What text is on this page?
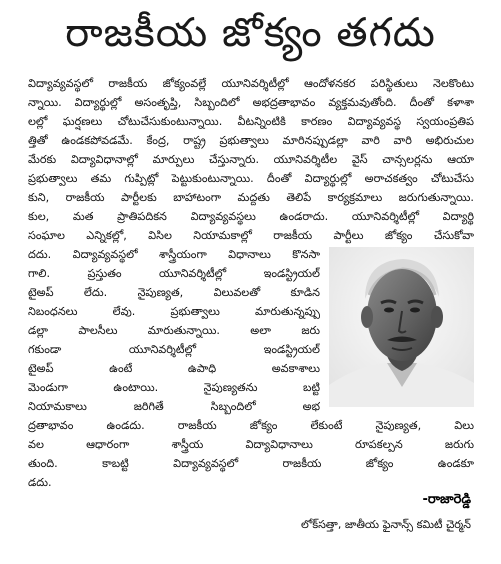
రాజకీయ జోక్యం తగదు
విద్యావ్యవస్థలో రాజకీయ జోక్యంవల్లే యూనివర్శిటీల్లో ఆందోళనకర పరిస్థితులు నెలకొంటు
న్నాయి. విద్యార్థుల్లో అసంతృప్తి, సిబ్బందిలో అభద్రతాభావం వ్యక్తమవుతోంది. దీంతో కళాశా
లల్లో ఘర్షణలు చోటుచేసుకుంటున్నాయి. వీటన్నింటికి కారణం విద్యావ్యవస్థ స్వయంప్రతిప
త్తితో ఉండకపోవడమే. కేంద్ర, రాష్ట్ర ప్రభుత్వాలు మారినప్పుడల్లా వారి వారి అభిరుచుల
మేరకు విద్యావిధానాల్లో మార్పులు చేస్తున్నారు. యూనివర్శిటీల వైస్ చాన్సలర్లను ఆయా
ప్రభుత్వాలు తమ గుప్పిట్లో పెట్టుకుంటున్నాయి. దీంతో విద్యార్థుల్లో అరాచకత్వం చోటుచేసు
కుని, రాజకీయ పార్టీలకు బాహాటంగా మద్దతు తెలిపే కార్యక్రమాలు జరుగుతున్నాయి.
కుల, మత ప్రాతిపదికన విద్యావ్యవస్థలు ఉండరాదు. యూనివర్శిటీల్లో విద్యార్థి
సంఘాల ఎన్నికల్లో, విసిల నియామకాల్లో రాజకీయ పార్టీలు జోక్యం చేసుకోవా
దదు. విద్యావ్యవస్థలో శాస్త్రీయంగా విధానాలు కొనసా
గాలి. ప్రస్తుతం యూనివర్శిటీల్లో ఇండస్ట్రియల్
టైఅప్ లేదు. నైపుణ్యత, విలువలతో కూడిన
నిబంధనలు లేవు. ప్రభుత్వాలు మారుతున్నప్పు
డల్లా పాలసీలు మారుతున్నాయి. అలా జరు
గకుండా యూనివర్శిటీల్లో ఇండస్ట్రియల్
టైఅప్ ఉంటే ఉపాధి అవకాశాలు
మెండుగా ఉంటాయి. నైపుణ్యతను బట్టి
నియామకాలు జరిగితే సిబ్బందిలో అభ
ద్రతాభావం ఉండదు. రాజకీయ జోక్యం లేకుంటే నైపుణ్యత, విలు
వల ఆధారంగా శాస్త్రీయ విద్యావిధానాలు రూపకల్పన జరుగు
తుంది. కాబట్టి విద్యావ్యవస్థలో రాజకీయ జోక్యం ఉండకూ
డదు.
-రాజారెడ్డి
లోక్‌సత్తా, జాతీయ ఫైనాన్స్ కమిటీ చైర్మన్
